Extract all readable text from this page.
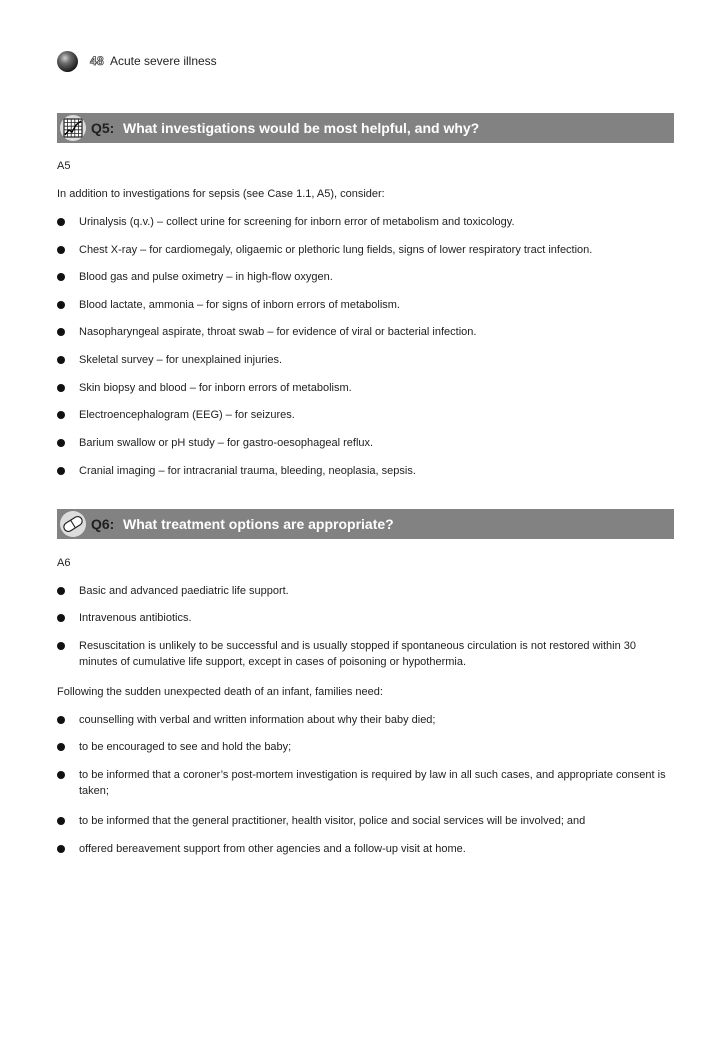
48 Acute severe illness
Q5: What investigations would be most helpful, and why?
A5
In addition to investigations for sepsis (see Case 1.1, A5), consider:
Urinalysis (q.v.) – collect urine for screening for inborn error of metabolism and toxicology.
Chest X-ray – for cardiomegaly, oligaemic or plethoric lung fields, signs of lower respiratory tract infection.
Blood gas and pulse oximetry – in high-flow oxygen.
Blood lactate, ammonia – for signs of inborn errors of metabolism.
Nasopharyngeal aspirate, throat swab – for evidence of viral or bacterial infection.
Skeletal survey – for unexplained injuries.
Skin biopsy and blood – for inborn errors of metabolism.
Electroencephalogram (EEG) – for seizures.
Barium swallow or pH study – for gastro-oesophageal reflux.
Cranial imaging – for intracranial trauma, bleeding, neoplasia, sepsis.
Q6: What treatment options are appropriate?
A6
Basic and advanced paediatric life support.
Intravenous antibiotics.
Resuscitation is unlikely to be successful and is usually stopped if spontaneous circulation is not restored within 30 minutes of cumulative life support, except in cases of poisoning or hypothermia.
Following the sudden unexpected death of an infant, families need:
counselling with verbal and written information about why their baby died;
to be encouraged to see and hold the baby;
to be informed that a coroner’s post-mortem investigation is required by law in all such cases, and appropriate consent is taken;
to be informed that the general practitioner, health visitor, police and social services will be involved; and
offered bereavement support from other agencies and a follow-up visit at home.
